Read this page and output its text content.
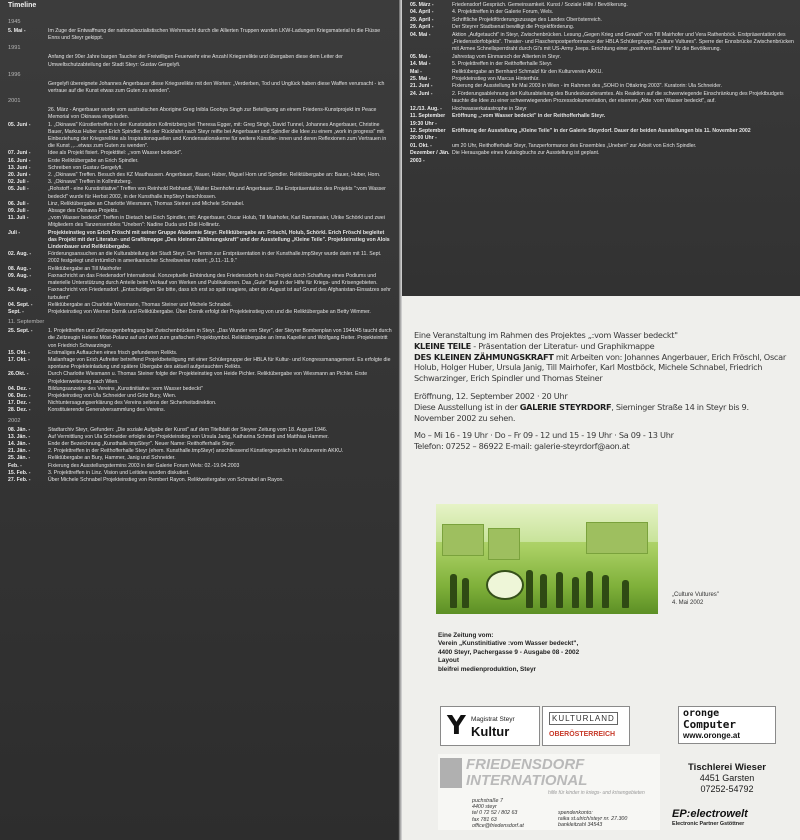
Timeline
1945
5. Mai -	Im Zuge der Entwaffnung der nationalsozialistischen Wehrmacht durch die Allierten Truppen wurden LKW-Ladungen Kriegsmaterial in die Flüsse Enns und Steyr gekippt.
1991
Anfang der 90er Jahre bargen Taucher der Freiwilligen Feuerwehr eine Anzahl Kriegsrelikte und übergaben diese dem Leiter der Umweltschutzabteilung der Stadt Steyr: Gustav Gergelyfi.
1996
Gergelyfi übereignete Johannes Angerbauer diese Kriegsrelikte mit den Worten: „Verderben, Tod und Unglück haben diese Waffen verursacht - ich vertraue auf die Kunst etwas zum Guten zu wenden".
2001
26. März - Angerbauer wurde vom australischen Aborigine Greg Inibla Goobya Singh zur Beteiligung an einem Friedens-Kunstprojekt im Peace Memorial von Okinawa eingeladen.
05. Juni -	1. „Okinawa" Künstlertreffen in der Kunststation Kollmitzberg bei Theresa Egger, mit: Greg Singh, David Tunnel, Johannes Angerbauer, Christine Bauer, Markus Huber und Erich Spindler. Bei der Rückfahrt nach Steyr reifte bei Angerbauer und Spindler die Idee zu einem „work in progress" mit Einbeziehung der Kriegsrelikte als Inspirationsquellen und Kondensationskerne für weitere Künstler- innen und deren Reflexionen zum Vertrauen in die Kunst ,,...etwas zum Guten zu wenden".
07. Juni -	Idee als Projekt fixiert. Projekttitel: „:vom Wasser bedeckt".
16. Juni -	Erste Reliktübergabe an Erich Spindler.
13. Juni -	Schreiben von Gustav Gergelyfi.
20. Juni -	2. „Okinawa" Treffen. Besuch des KZ Mauthausen. Angerbauer, Bauer, Huber, Miguel Horn und Spindler. Reliktübergabe an: Bauer, Huber, Horn.
02. Juli -	3. „Okinawa" Treffen in Kollmitzberg.
05. Juli -	„Rohstoff - eine Kunstinitiative" Treffen von Reinhold Rebhandl, Walter Ebenhofer und Angerbauer. Die Erstpräsentation des Projekts ":vom Wasser bedeckt" wurde für Herbst 2002, in der Kunsthalle.tmpSteyr beschlossen.
06. Juli -	Linz, Reliktübergabe an Charlotte Wiesmann, Thomas Steiner und Michele Schnabel.
09. Juli -	Absage des Okinawa Projekts.
11. Juli -	„:vom Wasser bedeckt" Treffen in Dietach bei Erich Spindler, mit: Angerbauer, Oscar Holub, Till Mairhofer, Karl Ramsmaier, Ulrike Schörkl und zwei Mitgliedern des Tanzensembles "Uneben": Nadine Duda und Didi Hollinetz.
Juli -	Projekteinstieg von Erich Fröschl mit seiner Gruppe Akademie Steyr. Reliktübergabe an: Fröschl, Holub, Schörkl. Erich Fröschl begleitet das Projekt mit der Literatur- und Grafikmappe „Des kleinen Zählmungskraft" und der Ausstellung „Kleine Teile". Projekteinstieg von Alois Lindenbauer und Reliktübergabe.
02. Aug. -	Förderungsansuchen an die Kulturabteilung der Stadt Steyr. Der Termin zur Erstpräsentation in der Kunsthalle.tmpSteyr wurde darin mit 11. Sept. 2002 festgelegt und irrtümlich in amerikanischer Schreibweise notiert: „9.11.-11.9."
08. Aug. -	Reliktübergabe an Till Mairhofer
09. Aug. -	Faxnachricht an das Friedensdorf International. Konzeptuelle Einbindung des Friedensdorfs in das Projekt durch Schaffung eines Podiums und materielle Unterstützung durch Anteile beim Verkauf von Werken und Publikationen. Das „Gute" liegt in der Hilfe für Kriegs- und Krisengebieten.
24. Aug. -	Faxnachricht von Friedensdorf. „Entschuldigen Sie bitte, dass ich erst so spät reagiere, aber der August ist auf Grund des Afghanistan-Einsatzes sehr turbulent"
04. Sept. -	Reliktübergabe an Charlotte Wiesmann, Thomas Steiner und Michele Schnabel.
Sept. -	Projekteinstieg von Werner Dornik und Reliktübergabe. Über Dornik erfolgt der Projekteinstieg von und die Reliktübergabe an Betty Wimmer.
11. September
25. Sept. -	1. Projekttreffen und Zeitzeugenbefragung bei Zwischenbrücken in Steyr. „Das Wunder von Steyr", der Steyrer Bombenplan von 1944/45 taucht durch die Zeitzeugin Helene Möst-Polanz auf und wird zum grafischen Projektsymbol. Reliktübergabe an Irma Kapeller und Wolfgang Reiter. Projekteintritt von Friedrich Schwarzinger.
15. Okt. -	Erstmaliges Auftauchen eines frisch gefundenen Relikts.
17. Okt. -	Mailanfrage von Erich Aufreiter betreffend Projektbeteiligung mit einer Schülergruppe der HBLA für Kultur- und Kongressmanagement. Es erfolgte die spontane Projekteinladung und spätere Übergabe des aktuell aufgetauchten Relikts.
26.Okt. -	Durch Charlotte Wiesmann u. Thomas Steiner folgte der Projekteinstieg von Heide Pichler. Reliktübergabe von Wiesmann an Pichler. Erste Projekterweiterung nach Wien.
04. Dez. -	Bildungsanzeige des Vereins „Kunstinitiative :vom Wasser bedeckt"
06. Dez. -	Projekteinstieg von Ula Schneider und Götz Bury, Wien.
17. Dez. -	Nichtuntersagungserklärung des Vereins seitens der Sicherheitsdirektion.
28. Dez. -	Konstituierende Generalversammlung des Vereins.
2002
08. Jän. -	Stadtarchiv Steyr, Gefunden: „Die soziale Aufgabe der Kunst" auf dem Titelblatt der Steyrer Zeitung vom 18. August 1946.
13. Jän. -	Auf Vermittlung von Ula Schneider erfolgte der Projekteinstieg von Ursula Janig, Katharina Schmidl und Matthias Hammer.
14. Jän. -	Ende der Bezeichnung „Kunsthalle.tmpSteyr". Neuer Name: Reithofferhalle Steyr.
21. Jän. -	2. Projekttreffen in der Reithofferhalle Steyr (ehem. Kunsthalle.tmpSteyr) anschliessend Künstlergespräch im Kulturverein AKKU.
25. Jän. -	Reliktübergabe an Bury, Hammer, Janig und Schneider.
Feb. -	Fixierung des Ausstellungstermins 2003 in der Galerie Forum Wels: 02.-19.04.2003
15. Feb. -	3. Projekttreffen in Linz. Vision und Leitidee wurden diskutiert.
27. Feb. -	Über Michele Schnabel Projekteinstieg von Rembert Rayon. Reliktweitergabe von Schnabel an Rayon.
05. März -	Friedensdorf Gespräch. Gemeinsamkeit. Kunst / Soziale Hilfe / Bevölkerung.
04. April -	4. Projekttreffen in der Galerie Forum, Wels.
29. April -	Schriftliche Projektförderungszusage des Landes Oberösterreich.
29. April -	Der Steyrer Stadtsenat bewilligt die Projektförderung.
04. Mai -	Aktion „Aufgetaucht" in Steyr, Zwischenbrücken. Lesung „Gegen Krieg und Gewalt" von Till Mairhofer und Vera Rathenböck. Erstpräsentation des „Friedensdorfobjekts". Theater- und Flaschenpostperformance der HBLA Schülergruppe „Culture Vultures". Sperre der Ennsbrücke Zwischenbrücken mit Armee Schnellsperrdraht durch GI's mit US-Army Jeeps. Errichtung einer „positiven Barriere" für die Bevölkerung.
05. Mai -	Jahrestag vom Einmarsch der Allierten in Steyr.
14. Mai -	5. Projekttreffen in der Reithofferhalle Steyr.
Mai -	Reliktübergabe an Bernhard Schmalzl für den Kulturverein AKKU.
25. Mai -	Projekteinstieg von Marcus Hinterthür.
21. Juni -	Fixierung der Ausstellung für Mai 2003 in Wien - im Rahmen des „SOHO in Ottakring 2003". Kuratorin: Ula Schneider.
24. Juni -	2. Förderungsablehnung der Kulturabteilung des Bundeskanzleramtes. Als Reaktion auf die schwerwiegende Einschränkung des Projektbudgets tauchte die Idee zu einer schwerwiegenden Prozessdokumentation, der eisernen „Akte :vom Wasser bedeckt", auf.
12./13. Aug. -	Hochwasserkatastrophe in Steyr
11. September 19:30 Uhr -
Eröffnung „:vom Wasser bedeckt" in der Reithofferhalle Steyr.
12. September 20:00 Uhr -
Eröffnung der Ausstellung „Kleine Teile" in der Galerie Steyrdorf. Dauer der beiden Ausstellungen bis 11. November 2002
01. Okt. -	um 20 Uhr, Reithofferhalle Steyr, Tanzperformance des Ensembles „Uneben" zur Arbeit von Erich Spindler.
Dezember / Jän. 2003 -
Die Herausgabe eines Katalogbuchs zur Ausstellung ist geplant.
Eine Veranstaltung im Rahmen des Projektes „:vom Wasser bedeckt"
KLEINE TEILE - Präsentation der Literatur- und Graphikmappe
DES KLEINEN ZÄHMUNGSKRAFT mit Arbeiten von: Johannes Angerbauer, Erich Fröschl, Oscar Holub, Holger Huber, Ursula Janig, Till Mairhofer, Karl Mostböck, Michele Schnabel, Friedrich Schwarzinger, Erich Spindler und Thomas Steiner
Eröffnung, 12. September 2002 · 20 Uhr
Diese Ausstellung ist in der GALERIE STEYRDORF, Sierninger Straße 14 in Steyr bis 9. November 2002 zu sehen.
Mo – Mi 16 - 19 Uhr · Do – Fr 09 - 12 und 15 - 19 Uhr · Sa 09 - 13 Uhr
Telefon: 07252 – 86922 E-mail: galerie-steyrdorf@aon.at
„Culture Vultures"
4. Mai 2002
Eine Zeitung vom:
Verein „Kunstinitiative :vom Wasser bedeckt",
4400 Steyr, Pachergasse 9 - Ausgabe 08 - 2002
Layout
bleifrei medienproduktion, Steyr
Y Magistrat Steyr
Kultur
KULTURLAND
OBERÖSTERREICH
oronge
Computer
www.oronge.at
FRIEDENSDORF
INTERNATIONAL
hilfe für kinder in kriegs- und krisengebieten
puchstraße 7
4400 steyr
tel 0 72 52 / 802 63
fax 781 63
office@friedensdorf.at
spendenkonto:
raika st.ulrich/steyr nr. 27.300
bankleitzahl 34543
Tischlerei Wieser
4451 Garsten
07252-54792
EP:electrowelt
Electronic Partner Gstöttner
